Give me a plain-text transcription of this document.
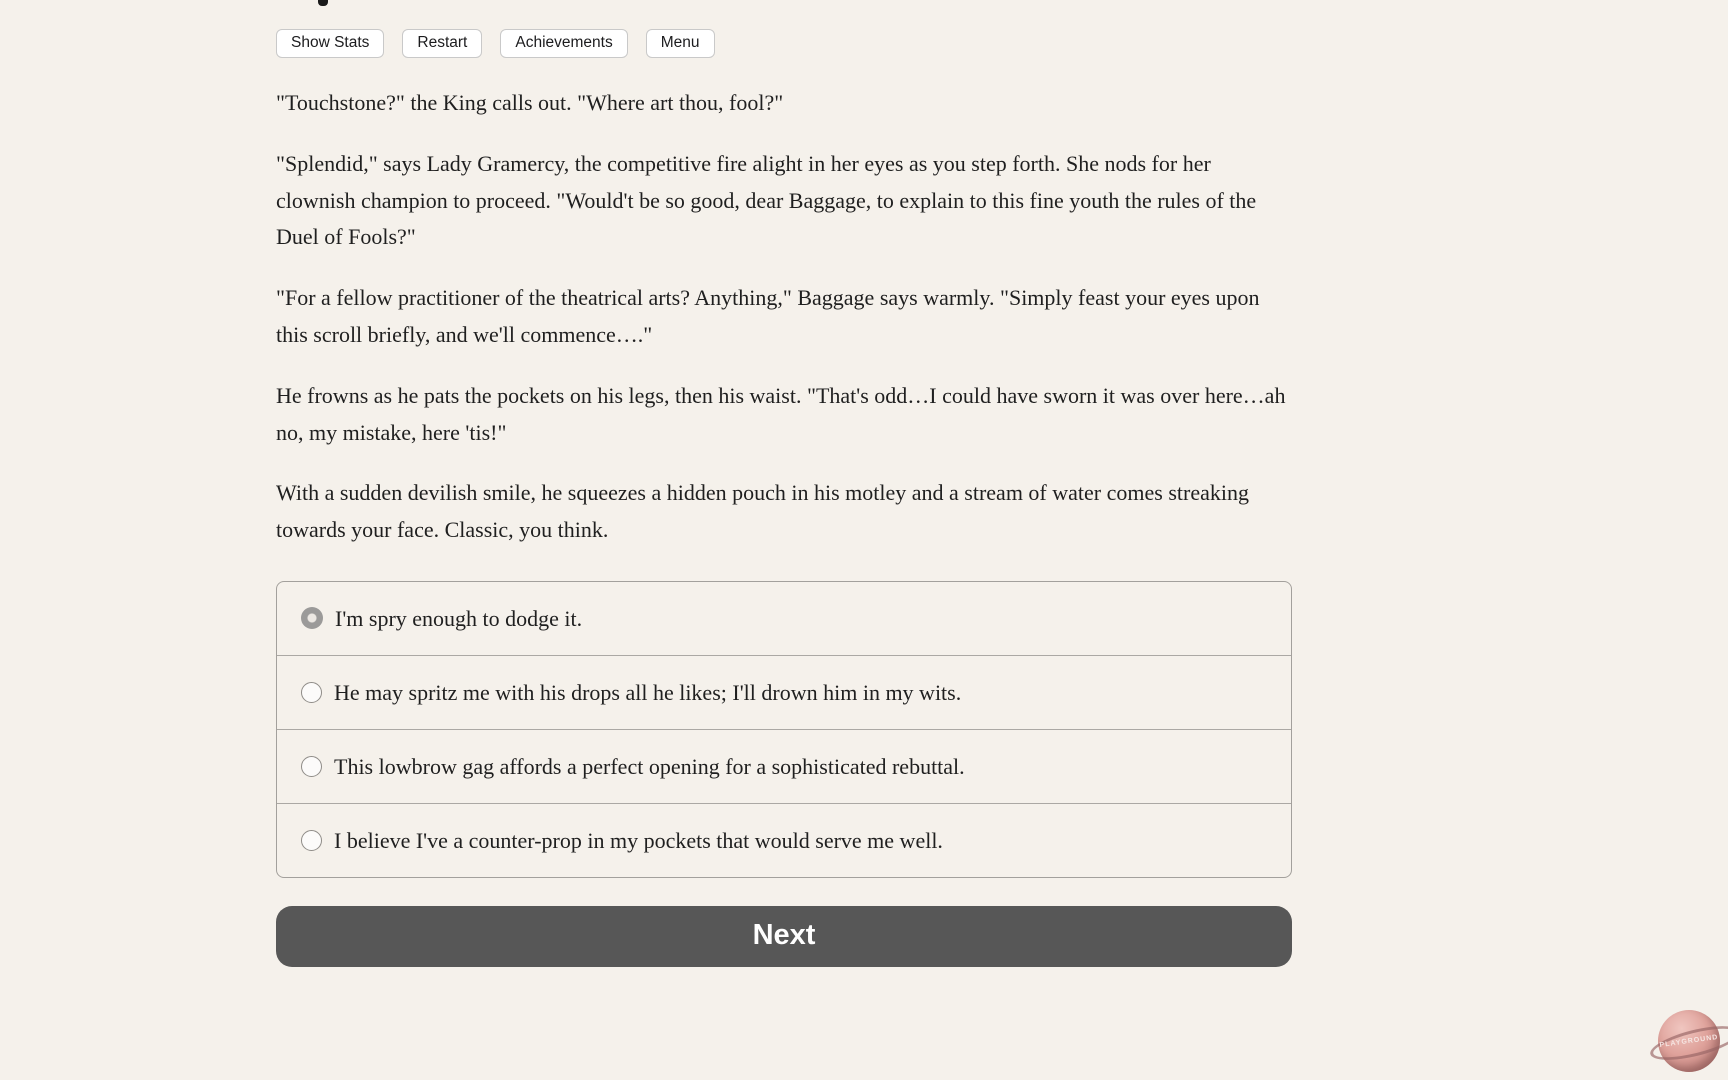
Show Stats	Restart	Achievements	Menu

"Touchstone?" the King calls out. "Where art thou, fool?"

"Splendid," says Lady Gramercy, the competitive fire alight in her eyes as you step forth. She nods for her clownish champion to proceed. "Would't be so good, dear Baggage, to explain to this fine youth the rules of the Duel of Fools?"

"For a fellow practitioner of the theatrical arts? Anything," Baggage says warmly. "Simply feast your eyes upon this scroll briefly, and we'll commence…."

He frowns as he pats the pockets on his legs, then his waist. "That's odd…I could have sworn it was over here…ah no, my mistake, here 'tis!"

With a sudden devilish smile, he squeezes a hidden pouch in his motley and a stream of water comes streaking towards your face. Classic, you think.

I'm spry enough to dodge it.
He may spritz me with his drops all he likes; I'll drown him in my wits.
This lowbrow gag affords a perfect opening for a sophisticated rebuttal.
I believe I've a counter-prop in my pockets that would serve me well.
Next
PLAYGROUND
